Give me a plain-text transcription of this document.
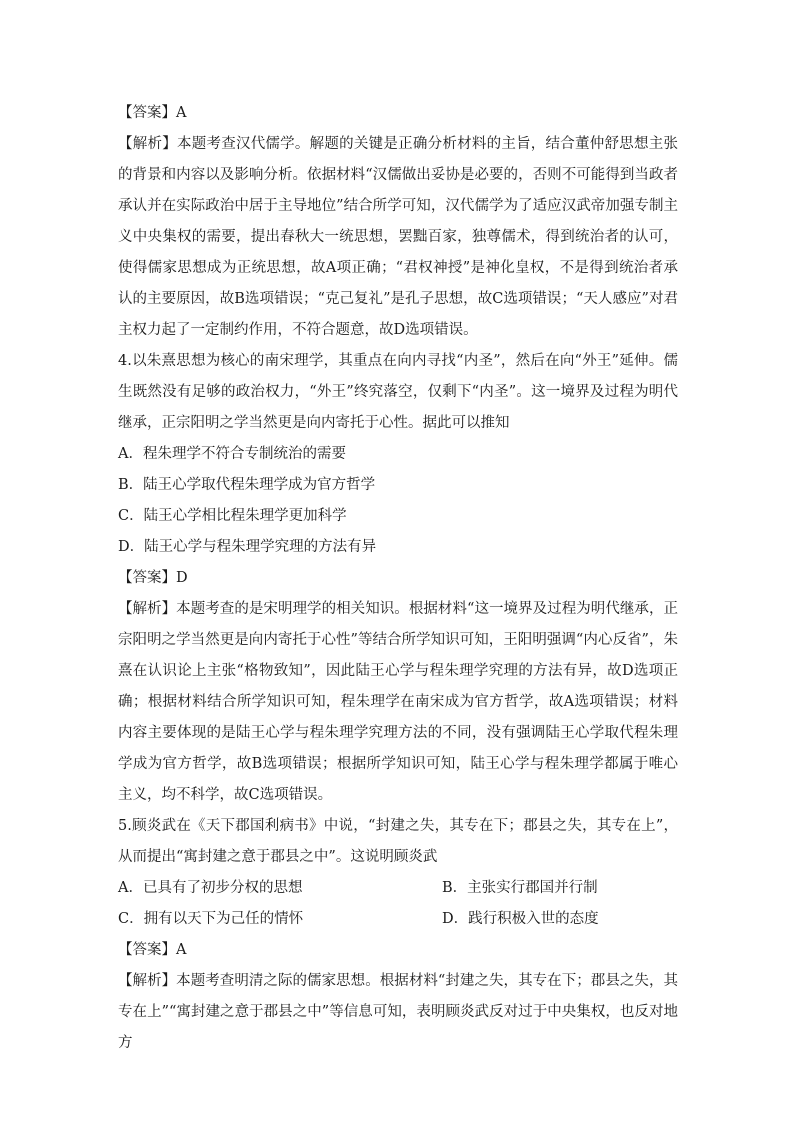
【答案】A

【解析】本题考查汉代儒学。解题的关键是正确分析材料的主旨，结合董仲舒思想主张的背景和内容以及影响分析。依据材料“汉儒做出妥协是必要的，否则不可能得到当政者承认并在实际政治中居于主导地位”结合所学可知，汉代儒学为了适应汉武帝加强专制主义中央集权的需要，提出春秋大一统思想，罢黜百家，独尊儒术，得到统治者的认可，使得儒家思想成为正统思想，故A项正确；“君权神授”是神化皇权，不是得到统治者承认的主要原因，故B选项错误；“克己复礼”是孔子思想，故C选项错误；“天人感应”对君主权力起了一定制约作用，不符合题意，故D选项错误。

4.以朱熹思想为核心的南宋理学，其重点在向内寻找“内圣”，然后在向“外王”延伸。儒生既然没有足够的政治权力，“外王”终究落空，仅剩下“内圣”。这一境界及过程为明代继承，正宗阳明之学当然更是向内寄托于心性。据此可以推知

A．程朱理学不符合专制统治的需要

B．陆王心学取代程朱理学成为官方哲学

C．陆王心学相比程朱理学更加科学

D．陆王心学与程朱理学究理的方法有异

【答案】D

【解析】本题考查的是宋明理学的相关知识。根据材料“这一境界及过程为明代继承，正宗阳明之学当然更是向内寄托于心性”等结合所学知识可知，王阳明强调“内心反省”，朱熹在认识论上主张“格物致知”，因此陆王心学与程朱理学究理的方法有异，故D选项正确；根据材料结合所学知识可知，程朱理学在南宋成为官方哲学，故A选项错误；材料内容主要体现的是陆王心学与程朱理学究理方法的不同，没有强调陆王心学取代程朱理学成为官方哲学，故B选项错误；根据所学知识可知，陆王心学与程朱理学都属于唯心主义，均不科学，故C选项错误。

5.顾炎武在《天下郡国利病书》中说，“封建之失，其专在下；郡县之失，其专在上”，从而提出“寓封建之意于郡县之中”。这说明顾炎武

A．已具有了初步分权的思想	B．主张实行郡国并行制

C．拥有以天下为己任的情怀	D．践行积极入世的态度

【答案】A

【解析】本题考查明清之际的儒家思想。根据材料“封建之失，其专在下；郡县之失，其专在上”“寓封建之意于郡县之中”等信息可知，表明顾炎武反对过于中央集权，也反对地方
